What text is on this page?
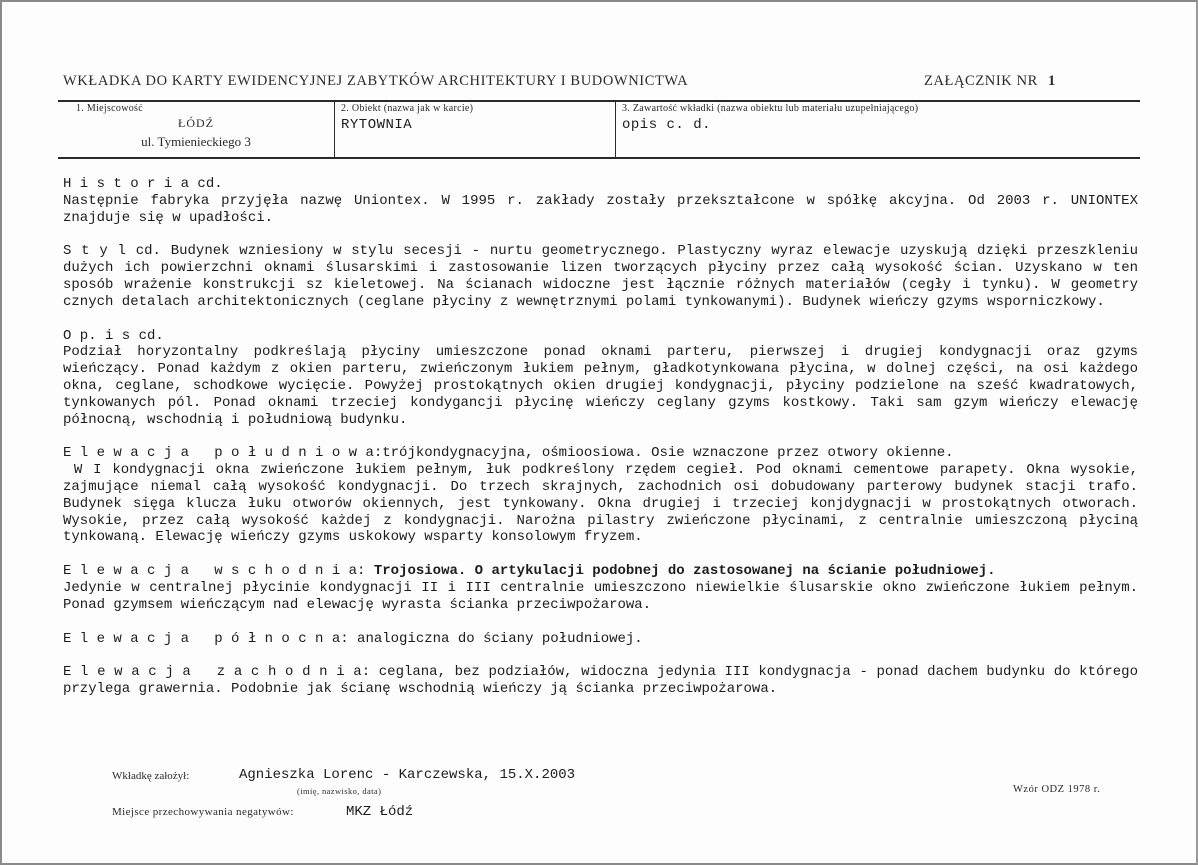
WKŁADKA DO KARTY EWIDENCYJNEJ ZABYTKÓW ARCHITEKTURY I BUDOWNICTWA	ZAŁĄCZNIK NR 1
1. Miejscowość
ŁÓDŹ
ul. Tymienieckiego 3
2. Obiekt (nazwa jak w karcie)
RYTOWNIA
3. Zawartość wkładki (nazwa obiektu lub materiału uzupełniającego)
opis c. d.

H i s t o r i a cd.
Następnie fabryka przyjęła nazwę Uniontex. W 1995 r. zakłady zostały przekształcone w spółkę akcyjna. Od 2003 r. UNIONTEX znajduje się w upadłości.

S t y l cd. Budynek wzniesiony w stylu secesji - nurtu geometrycznego. Plastyczny wyraz elewacje uzyskują dzięki przeszkleniu dużych ich powierzchni oknami ślusarskimi i zastosowanie lizen tworzących płyciny przez całą wysokość ścian. Uzyskano w ten sposób wrażenie konstrukcji sz kieletowej. Na ścianach widoczne jest łącznie różnych materiałów (cegły i tynku). W geometry cznych detalach architektonicznych (ceglane płyciny z wewnętrznymi polami tynkowanymi). Budynek wieńczy gzyms wsporniczkowy.

O p. i s cd.
Podział horyzontalny podkreślają płyciny umieszczone ponad oknami parteru, pierwszej i drugiej kondygnacji oraz gzyms wieńczący. Ponad każdym z okien parteru, zwieńczonym łukiem pełnym, gładkotynkowana płycina, w dolnej części, na osi każdego okna, ceglane, schodkowe wycięcie. Powyżej prostokątnych okien drugiej kondygnacji, płyciny podzielone na sześć kwadratowych, tynkowanych pól. Ponad oknami trzeciej kondygancji płycinę wieńczy ceglany gzyms kostkowy. Taki sam gzym wieńczy elewację północną, wschodnią i południową budynku.

E l e w a c j a   p o ł u d n i o w a:trójkondygnacyjna, ośmioosiowa. Osie wznaczone przez otwory okienne.
W I kondygnacji okna zwieńczone łukiem pełnym, łuk podkreślony rzędem cegieł. Pod oknami cementowe parapety. Okna wysokie, zajmujące niemal całą wysokość kondygnacji. Do trzech skrajnych, zachodnich osi dobudowany parterowy budynek stacji trafo. Budynek sięga klucza łuku otworów okiennych, jest tynkowany. Okna drugiej i trzeciej konjdygnacji w prostokątnych otworach. Wysokie, przez całą wysokość każdej z kondygnacji. Narożna pilastry zwieńczone płycinami, z centralnie umieszczoną płyciną tynkowaną. Elewację wieńczy gzyms uskokowy wsparty konsolowym fryzem.

E l e w a c j a   w s c h o d n i a: Trojosiowa. O artykulacji podobnej do zastosowanej na ścianie południowej.
Jedynie w centralnej płycinie kondygnacji II i III centralnie umieszczono niewielkie ślusarskie okno zwieńczone łukiem pełnym. Ponad gzymsem wieńczącym nad elewację wyrasta ścianka przeciwpożarowa.

E l e w a c j a   p ó ł n o c n a: analogiczna do ściany południowej.

E l e w a c j a   z a c h o d n i a: ceglana, bez podziałów, widoczna jedynia III kondygnacja - ponad dachem budynku do którego przylega grawernia. Podobnie jak ścianę wschodnią wieńczy ją ścianka przeciwpożarowa.

Wkładkę założył:	Agnieszka Lorenc - Karczewska, 15.X.2003
(imię, nazwisko, data)
Miejsce przechowywania negatywów:	MKZ Łódź
Wzór ODZ 1978 r.
